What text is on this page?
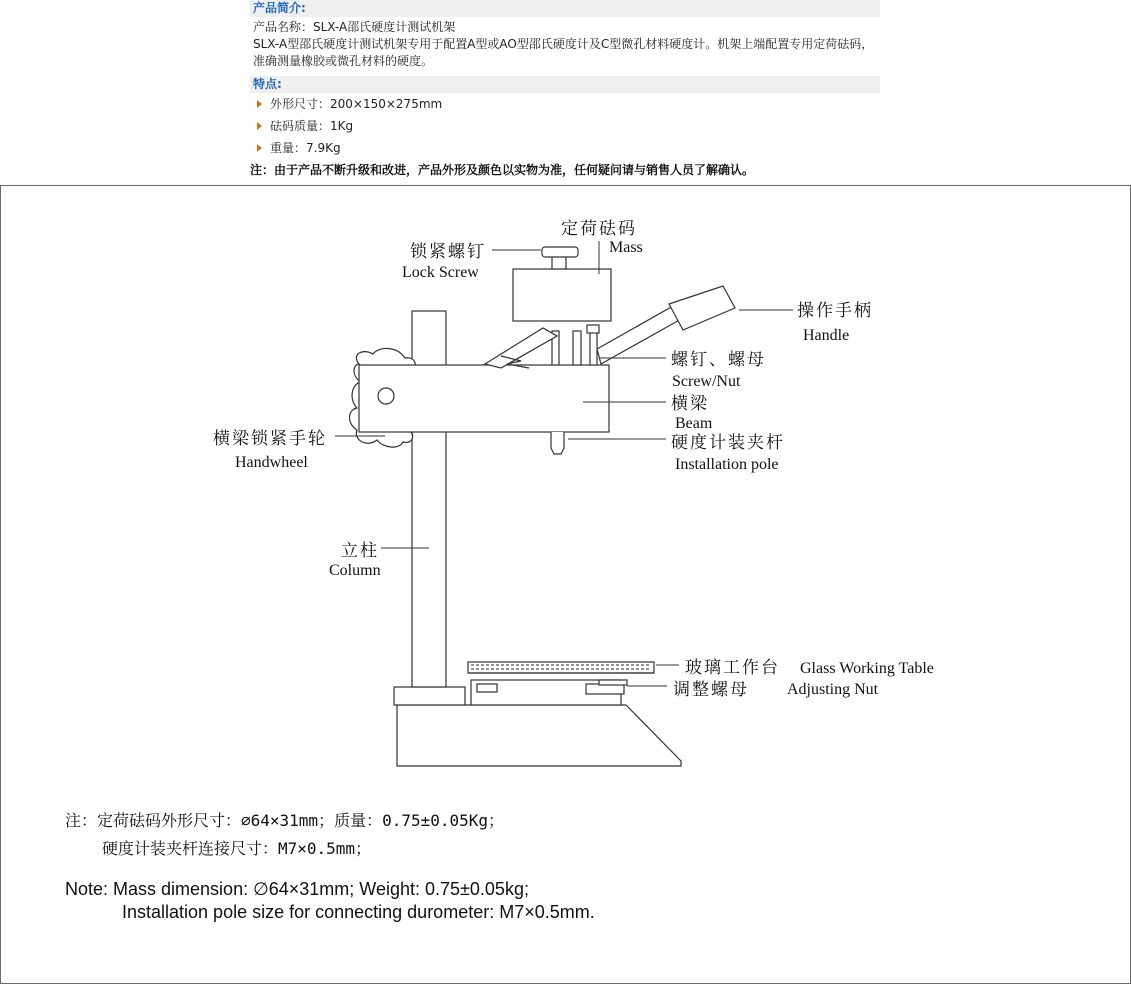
产品简介:
产品名称：SLX-A邵氏硬度计测试机架
SLX-A型邵氏硬度计测试机架专用于配置A型或AO型邵氏硬度计及C型微孔材料硬度计。机架上端配置专用定荷砝码，
准确测量橡胶或微孔材料的硬度。
特点:
外形尺寸：200×150×275mm
砝码质量：1Kg
重量：7.9Kg
注：由于产品不断升级和改进，产品外形及颜色以实物为准，任何疑问请与销售人员了解确认。
定荷砝码
Mass
锁紧螺钉
Lock Screw
操作手柄
Handle
螺钉、螺母
Screw/Nut
横梁
Beam
硬度计装夹杆
Installation pole
横梁锁紧手轮
Handwheel
立柱
Column
玻璃工作台 Glass Working Table
调整螺母 Adjusting Nut
注：定荷砝码外形尺寸：∅64×31mm；质量：0.75±0.05Kg；
硬度计装夹杆连接尺寸：M7×0.5mm；
Note: Mass dimension: ∅64×31mm; Weight: 0.75±0.05kg;
Installation pole size for connecting durometer: M7×0.5mm.
